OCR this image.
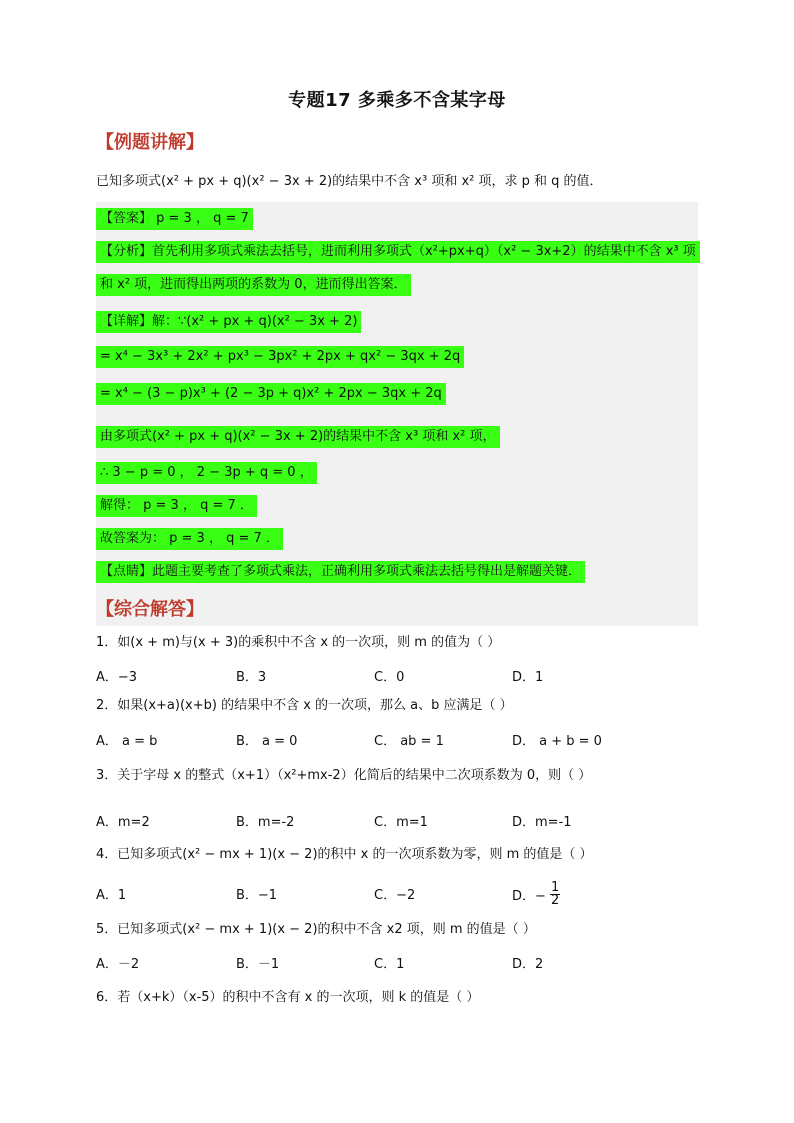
专题17 多乘多不含某字母
【例题讲解】
已知多项式(x² + px + q)(x² − 3x + 2)的结果中不含 x³ 项和 x² 项，求 p 和 q 的值．
【答案】 p = 3 ， q = 7
【分析】首先利用多项式乘法去括号，进而利用多项式（x²+px+q）（x² − 3x+2）的结果中不含 x³ 项
和 x² 项，进而得出两项的系数为 0，进而得出答案．
【详解】解：∵(x² + px + q)(x² − 3x + 2)
= x⁴ − 3x³ + 2x² + px³ − 3px² + 2px + qx² − 3qx + 2q
= x⁴ − (3 − p)x³ + (2 − 3p + q)x² + 2px − 3qx + 2q
由多项式(x² + px + q)(x² − 3x + 2)的结果中不含 x³ 项和 x² 项，
∴ 3 − p = 0 ， 2 − 3p + q = 0 ，
解得： p = 3 ， q = 7 ．
故答案为： p = 3 ， q = 7 ．
【点睛】此题主要考查了多项式乘法，正确利用多项式乘法去括号得出是解题关键．
【综合解答】
1．如(x + m)与(x + 3)的乘积中不含 x 的一次项，则 m 的值为（ ）
A．−3	B．3	C．0	D．1
2．如果(x+a)(x+b) 的结果中不含 x 的一次项，那么 a、b 应满足（ ）
A． a = b	B． a = 0	C． ab = 1	D． a + b = 0
3．关于字母 x 的整式（x+1）（x²+mx-2）化简后的结果中二次项系数为 0，则（ ）
A．m=2	B．m=-2	C．m=1	D．m=-1
4．已知多项式(x² − mx + 1)(x − 2)的积中 x 的一次项系数为零，则 m 的值是（ ）
A．1	B．−1	C．−2	D．− $\frac{1}{2}$
5．已知多项式(x² − mx + 1)(x − 2)的积中不含 x2 项，则 m 的值是（ ）
A．－2	B．－1	C．1	D．2
6．若（x+k）（x-5）的积中不含有 x 的一次项，则 k 的值是（ ）
